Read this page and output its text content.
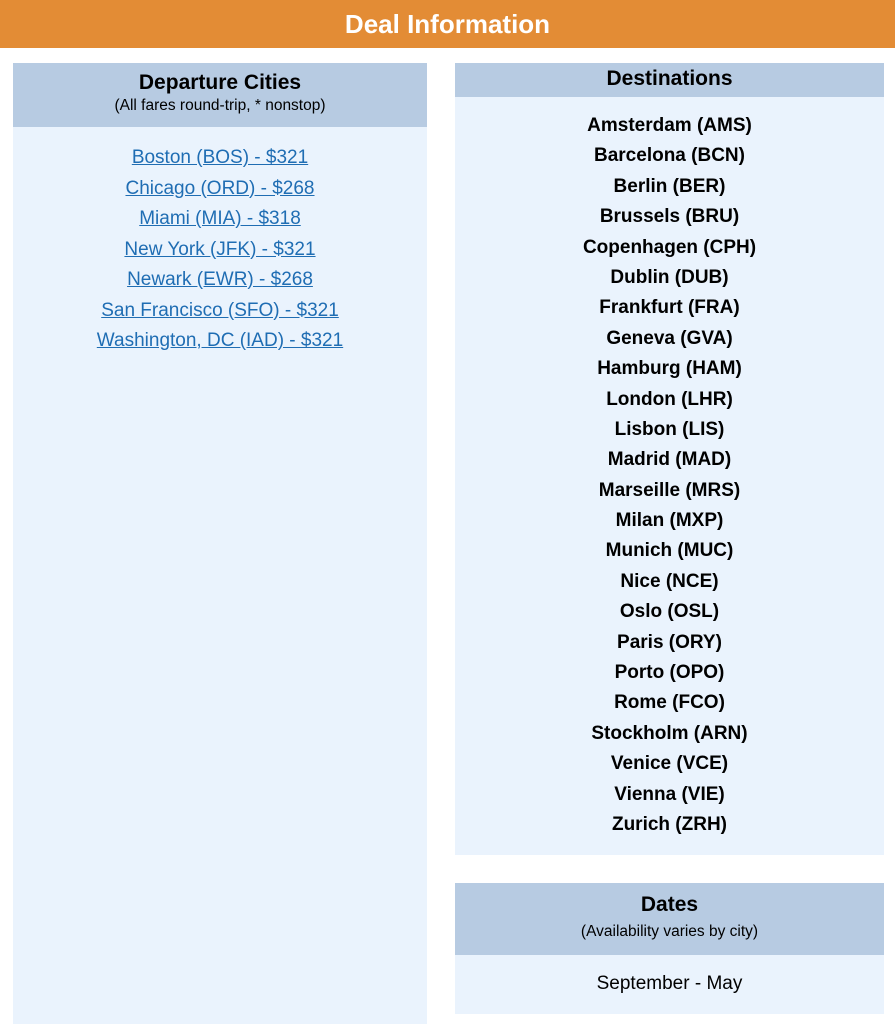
Deal Information
Departure Cities
(All fares round-trip, * nonstop)
Boston (BOS) - $321
Chicago (ORD) - $268
Miami (MIA) - $318
New York (JFK) - $321
Newark (EWR) - $268
San Francisco (SFO) - $321
Washington, DC (IAD) - $321
Destinations
Amsterdam (AMS)
Barcelona (BCN)
Berlin (BER)
Brussels (BRU)
Copenhagen (CPH)
Dublin (DUB)
Frankfurt (FRA)
Geneva (GVA)
Hamburg (HAM)
London (LHR)
Lisbon (LIS)
Madrid (MAD)
Marseille (MRS)
Milan (MXP)
Munich (MUC)
Nice (NCE)
Oslo (OSL)
Paris (ORY)
Porto (OPO)
Rome (FCO)
Stockholm (ARN)
Venice (VCE)
Vienna (VIE)
Zurich (ZRH)
Dates
(Availability varies by city)
September - May
